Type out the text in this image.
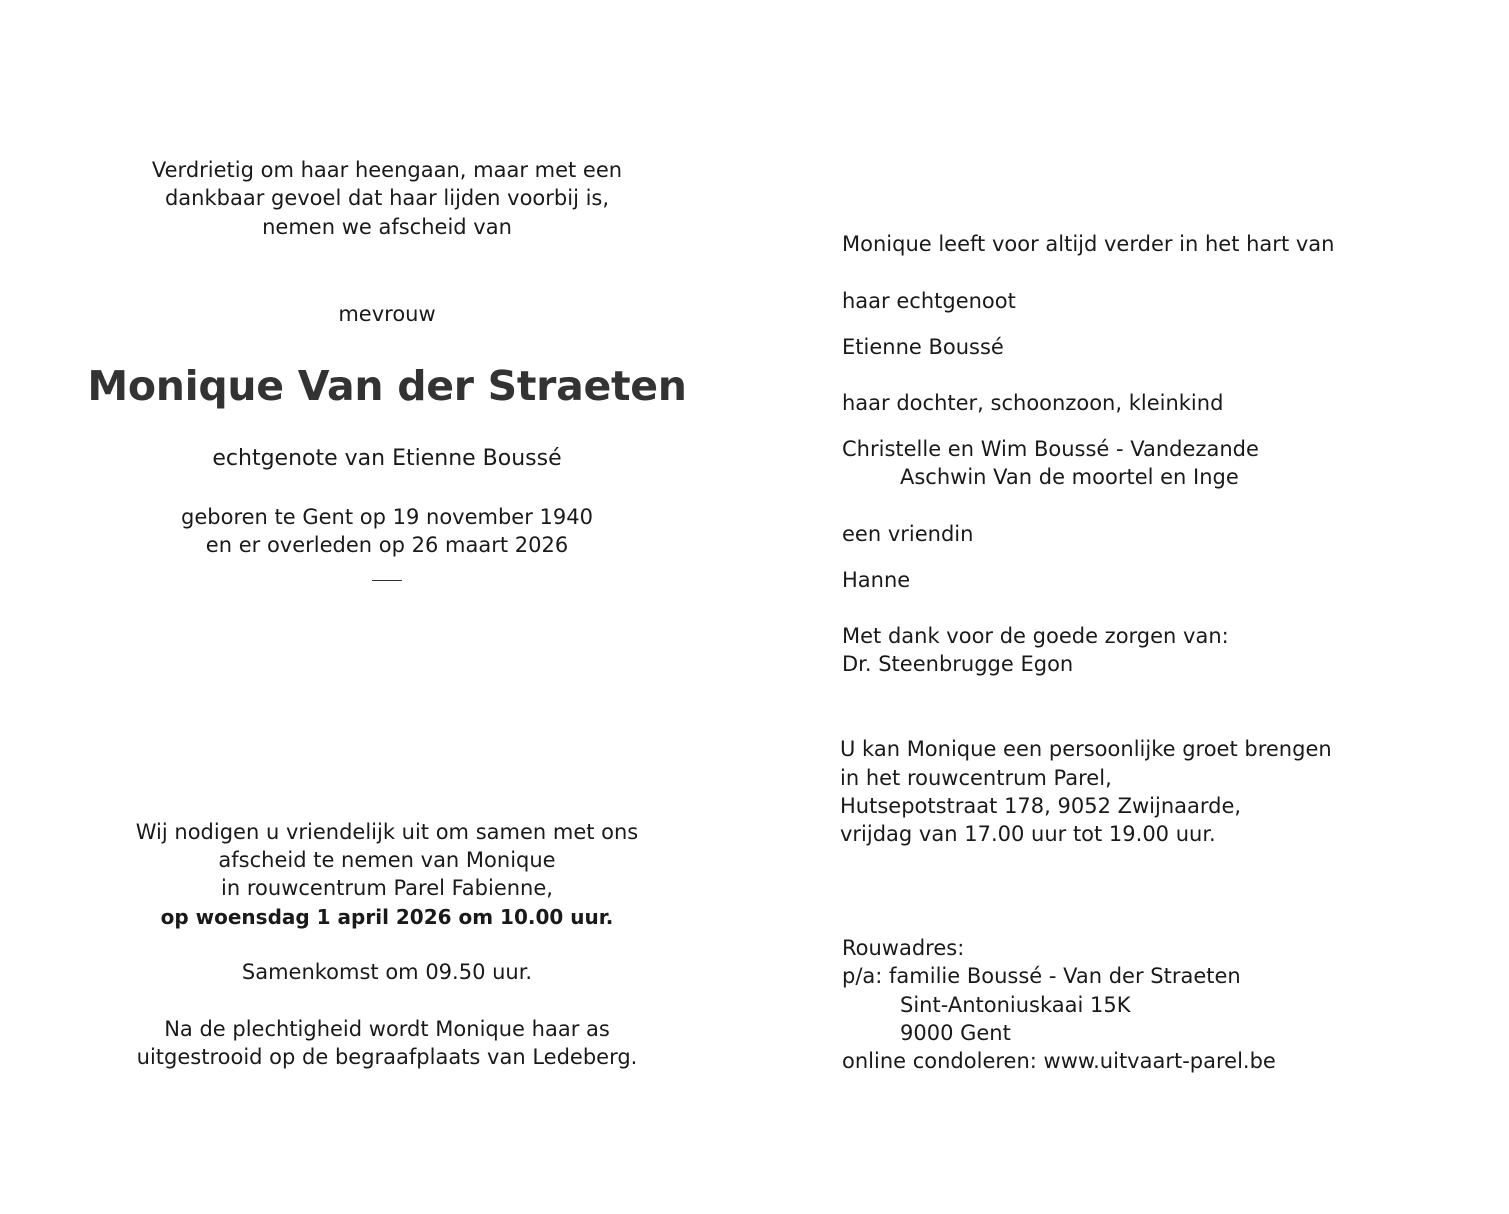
Verdrietig om haar heengaan, maar met een
dankbaar gevoel dat haar lijden voorbij is,
nemen we afscheid van
mevrouw
Monique Van der Straeten
echtgenote van Etienne Boussé
geboren te Gent op 19 november 1940
en er overleden op 26 maart 2026
Wij nodigen u vriendelijk uit om samen met ons
afscheid te nemen van Monique
in rouwcentrum Parel Fabienne,
op woensdag 1 april 2026 om 10.00 uur.
Samenkomst om 09.50 uur.
Na de plechtigheid wordt Monique haar as
uitgestrooid op de begraafplaats van Ledeberg.
Monique leeft voor altijd verder in het hart van
haar echtgenoot
Etienne Boussé
haar dochter, schoonzoon, kleinkind
Christelle en Wim Boussé - Vandezande
Aschwin Van de moortel en Inge
een vriendin
Hanne
Met dank voor de goede zorgen van:
Dr. Steenbrugge Egon
U kan Monique een persoonlijke groet brengen
in het rouwcentrum Parel,
Hutsepotstraat 178, 9052 Zwijnaarde,
vrijdag van 17.00 uur tot 19.00 uur.
Rouwadres:
p/a: familie Boussé - Van der Straeten
Sint-Antoniuskaai 15K
9000 Gent
online condoleren: www.uitvaart-parel.be
